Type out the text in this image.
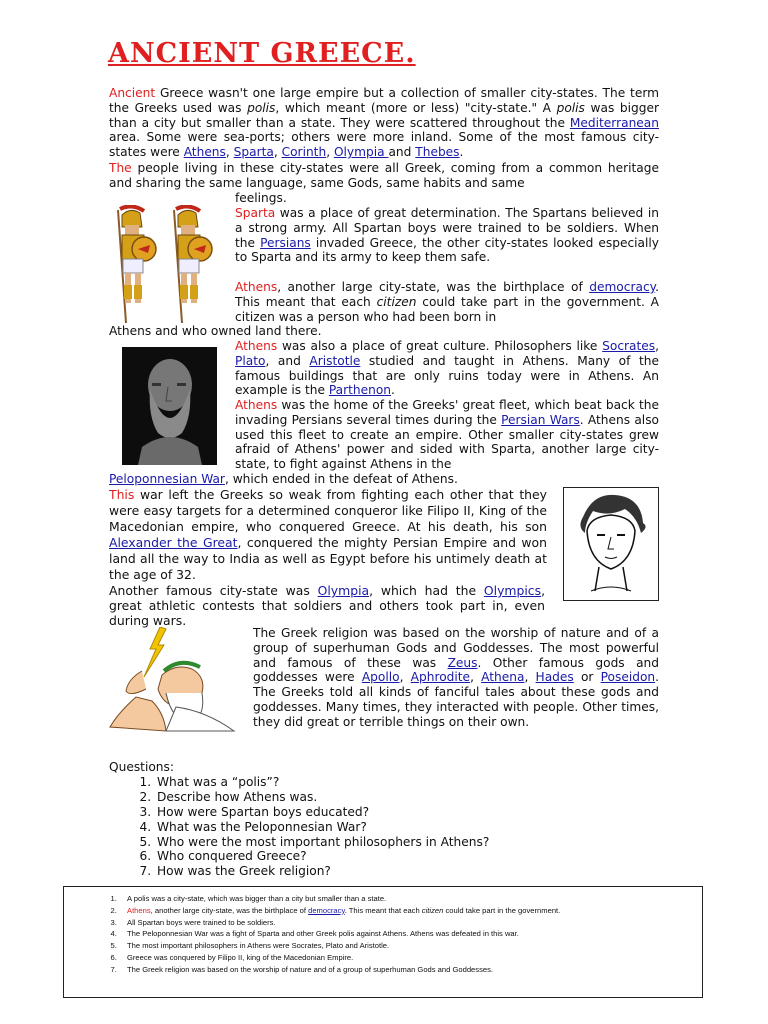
ANCIENT GREECE.
Ancient Greece wasn't one large empire but a collection of smaller city-states. The term the Greeks used was polis, which meant (more or less) "city-state." A polis was bigger than a city but smaller than a state. They were scattered throughout the Mediterranean area. Some were sea-ports; others were more inland. Some of the most famous city-states were Athens, Sparta, Corinth, Olympia and Thebes.
The people living in these city-states were all Greek, coming from a common heritage and sharing the same language, same Gods, same habits and same
feelings.
Sparta was a place of great determination. The Spartans believed in a strong army. All Spartan boys were trained to be soldiers. When the Persians invaded Greece, the other city-states looked especially to Sparta and its army to keep them safe.
Athens, another large city-state, was the birthplace of democracy. This meant that each citizen could take part in the government. A citizen was a person who had been born in
Athens and who owned land there.
Athens was also a place of great culture. Philosophers like Socrates, Plato, and Aristotle studied and taught in Athens. Many of the famous buildings that are only ruins today were in Athens. An example is the Parthenon.
Athens was the home of the Greeks' great fleet, which beat back the invading Persians several times during the Persian Wars. Athens also used this fleet to create an empire. Other smaller city-states grew afraid of Athens' power and sided with Sparta, another large city-state, to fight against Athens in the
Peloponnesian War, which ended in the defeat of Athens.
This war left the Greeks so weak from fighting each other that they were easy targets for a determined conqueror like Filipo II, King of the Macedonian empire, who conquered Greece. At his death, his son Alexander the Great, conquered the mighty Persian Empire and won land all the way to India as well as Egypt before his untimely death at the age of 32.
Another famous city-state was Olympia, which had the Olympics, great athletic contests that soldiers and others took part in, even during wars.
The Greek religion was based on the worship of nature and of a group of superhuman Gods and Goddesses. The most powerful and famous of these was Zeus. Other famous gods and goddesses were Apollo, Aphrodite, Athena, Hades or Poseidon. The Greeks told all kinds of fanciful tales about these gods and goddesses. Many times, they interacted with people. Other times, they did great or terrible things on their own.
Questions:
1. What was a “polis”?
2. Describe how Athens was.
3. How were Spartan boys educated?
4. What was the Peloponnesian War?
5. Who were the most important philosophers in Athens?
6. Who conquered Greece?
7. How was the Greek religion?
1. A polis was a city-state, which was bigger than a city but smaller than a state.
2. Athens, another large city-state, was the birthplace of democracy. This meant that each citizen could take part in the government.
3. All Spartan boys were trained to be soldiers.
4. The Peloponnesian War was a fight of Sparta and other Greek polis against Athens. Athens was defeated in this war.
5. The most important philosophers in Athens were Socrates, Plato and Aristotle.
6. Greece was conquered by Filipo II, king of the Macedonian Empire.
7. The Greek religion was based on the worship of nature and of a group of superhuman Gods and Goddesses.
